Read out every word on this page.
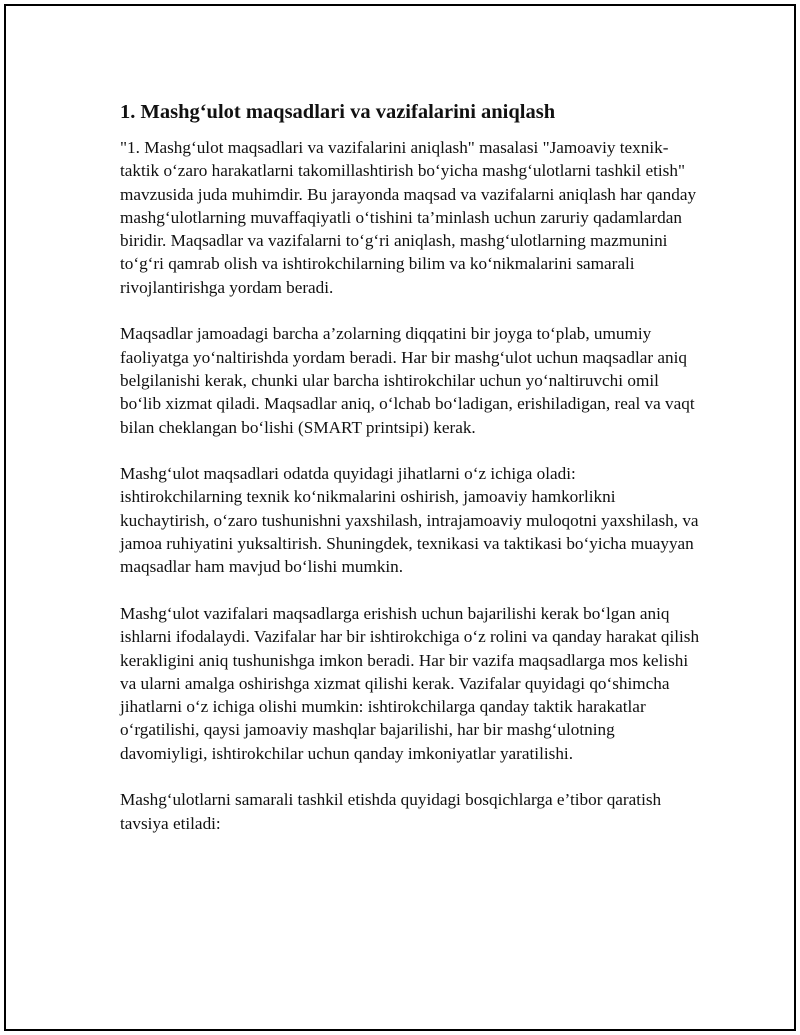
1. Mashg‘ulot maqsadlari va vazifalarini aniqlash

"1. Mashg‘ulot maqsadlari va vazifalarini aniqlash" masalasi "Jamoaviy texnik-taktik o‘zaro harakatlarni takomillashtirish bo‘yicha mashg‘ulotlarni tashkil etish" mavzusida juda muhimdir. Bu jarayonda maqsad va vazifalarni aniqlash har qanday mashg‘ulotlarning muvaffaqiyatli o‘tishini ta’minlash uchun zaruriy qadamlardan biridir. Maqsadlar va vazifalarni to‘g‘ri aniqlash, mashg‘ulotlarning mazmunini to‘g‘ri qamrab olish va ishtirokchilarning bilim va ko‘nikmalarini samarali rivojlantirishga yordam beradi.

Maqsadlar jamoadagi barcha a’zolarning diqqatini bir joyga to‘plab, umumiy faoliyatga yo‘naltirishda yordam beradi. Har bir mashg‘ulot uchun maqsadlar aniq belgilanishi kerak, chunki ular barcha ishtirokchilar uchun yo‘naltiruvchi omil bo‘lib xizmat qiladi. Maqsadlar aniq, o‘lchab bo‘ladigan, erishiladigan, real va vaqt bilan cheklangan bo‘lishi (SMART printsipi) kerak.

Mashg‘ulot maqsadlari odatda quyidagi jihatlarni o‘z ichiga oladi: ishtirokchilarning texnik ko‘nikmalarini oshirish, jamoaviy hamkorlikni kuchaytirish, o‘zaro tushunishni yaxshilash, intrajamoaviy muloqotni yaxshilash, va jamoa ruhiyatini yuksaltirish. Shuningdek, texnikasi va taktikasi bo‘yicha muayyan maqsadlar ham mavjud bo‘lishi mumkin.

Mashg‘ulot vazifalari maqsadlarga erishish uchun bajarilishi kerak bo‘lgan aniq ishlarni ifodalaydi. Vazifalar har bir ishtirokchiga o‘z rolini va qanday harakat qilish kerakligini aniq tushunishga imkon beradi. Har bir vazifa maqsadlarga mos kelishi va ularni amalga oshirishga xizmat qilishi kerak. Vazifalar quyidagi qo‘shimcha jihatlarni o‘z ichiga olishi mumkin: ishtirokchilarga qanday taktik harakatlar o‘rgatilishi, qaysi jamoaviy mashqlar bajarilishi, har bir mashg‘ulotning davomiyligi, ishtirokchilar uchun qanday imkoniyatlar yaratilishi.

Mashg‘ulotlarni samarali tashkil etishda quyidagi bosqichlarga e’tibor qaratish tavsiya etiladi:
